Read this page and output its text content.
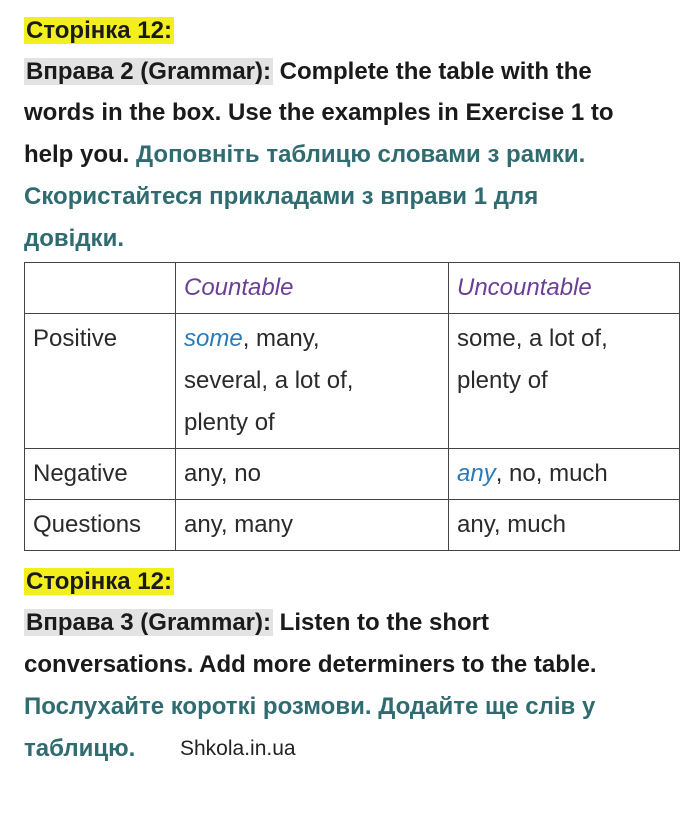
Сторінка 12:
Вправа 2 (Grammar): Complete the table with the
words in the box. Use the examples in Exercise 1 to
help you. Доповніть таблицю словами з рамки.
Скористайтеся прикладами з вправи 1 для
довідки.
	Countable	Uncountable
Positive	some, many,
several, a lot of,
plenty of	some, a lot of,
plenty of
Negative	any, no	any, no, much
Questions	any, many	any, much
Сторінка 12:
Вправа 3 (Grammar): Listen to the short
conversations. Add more determiners to the table.
Послухайте короткі розмови. Додайте ще слів у
таблицю. Shkola.in.ua
